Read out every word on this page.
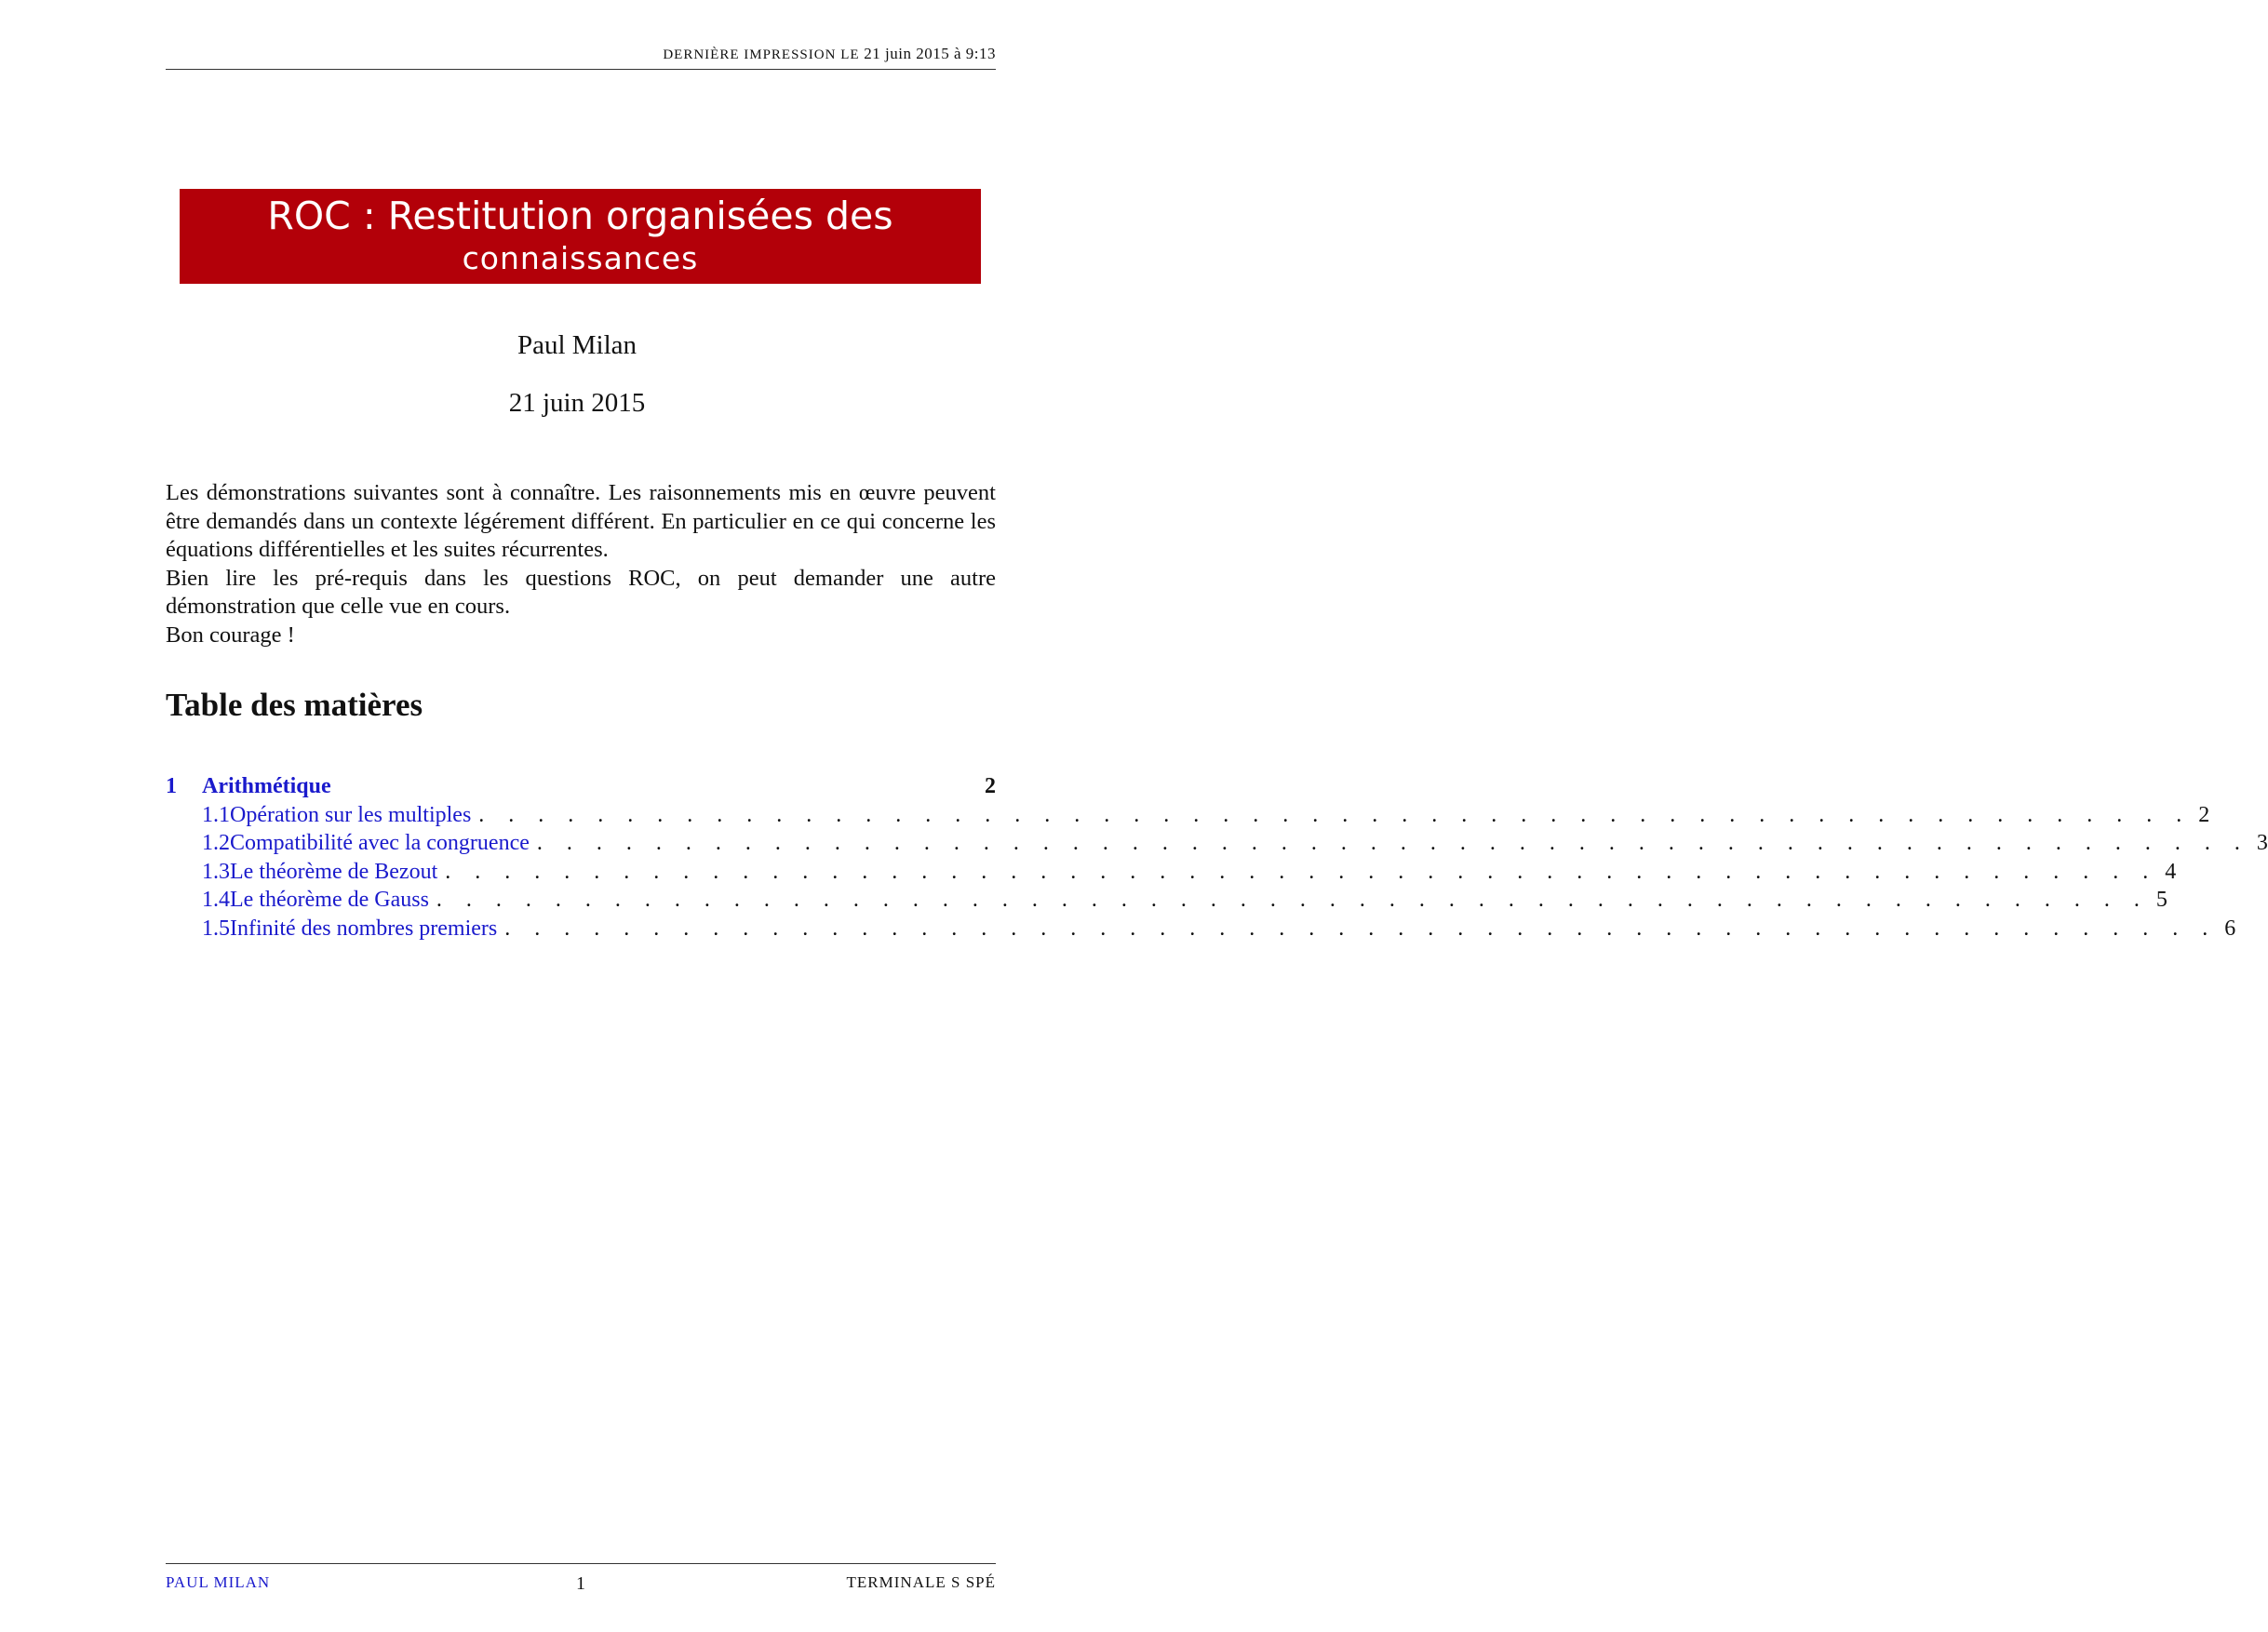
DERNIÈRE IMPRESSION LE 21 juin 2015 à 9:13
ROC : Restitution organisées des
connaissances
Paul Milan
21 juin 2015

Les démonstrations suivantes sont à connaître. Les raisonnements mis en œuvre peuvent être demandés dans un contexte légérement différent. En particulier en ce qui concerne les équations différentielles et les suites récurrentes.

Bien lire les pré-requis dans les questions ROC, on peut demander une autre démonstration que celle vue en cours.

Bon courage !

Table des matières
1	Arithmétique	2
1.1 Opération sur les multiples . . . . . . . . . . . . . . . . . . . . . . . . . . . . . . . . . . . . . . . . . . . . . . . . . . . . . . . . . . 2
1.2 Compatibilité avec la congruence . . . . . . . . . . . . . . . . . . . . . . . . . . . . . . . . . . . . . . . . . . . . . . . . . . . . . . . . . . 3
1.3 Le théorème de Bezout . . . . . . . . . . . . . . . . . . . . . . . . . . . . . . . . . . . . . . . . . . . . . . . . . . . . . . . . . . 4
1.4 Le théorème de Gauss . . . . . . . . . . . . . . . . . . . . . . . . . . . . . . . . . . . . . . . . . . . . . . . . . . . . . . . . . . 5
1.5 Infinité des nombres premiers . . . . . . . . . . . . . . . . . . . . . . . . . . . . . . . . . . . . . . . . . . . . . . . . . . . . . . . . . . 6
PAUL MILAN	1	TERMINALE S SPÉ
